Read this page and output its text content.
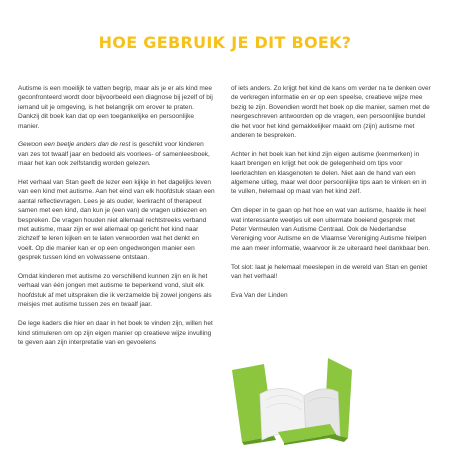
HOE GEBRUIK JE DIT BOEK?

Autisme is een moeilijk te vatten begrip, maar als je er als kind mee geconfronteerd wordt door bijvoorbeeld een diagnose bij jezelf of bij iemand uit je omgeving, is het belangrijk om erover te praten. Dankzij dit boek kan dat op een toegankelijke en persoonlijke manier.

Gewoon een beetje anders dan de rest is geschikt voor kinderen van zes tot twaalf jaar en bedoeld als voorlees- of samenleesboek, maar het kan ook zelfstandig worden gelezen.

Het verhaal van Stan geeft de lezer een kijkje in het dagelijks leven van een kind met autisme. Aan het eind van elk hoofdstuk staan een aantal reflectievragen. Lees je als ouder, leerkracht of therapeut samen met een kind, dan kun je (een van) de vragen uitkiezen en bespreken. De vragen houden niet allemaal rechtstreeks verband met autisme, maar zijn er wel allemaal op gericht het kind naar zichzelf te leren kijken en te laten verwoorden wat het denkt en voelt. Op die manier kan er op een ongedwongen manier een gesprek tussen kind en volwassene ontstaan.

Omdat kinderen met autisme zo verschillend kunnen zijn en ik het verhaal van één jongen met autisme te beperkend vond, sluit elk hoofdstuk af met uitspraken die ik verzamelde bij zowel jongens als meisjes met autisme tussen zes en twaalf jaar.

De lege kaders die hier en daar in het boek te vinden zijn, willen het kind stimuleren om op zijn eigen manier op creatieve wijze invulling te geven aan zijn interpretatie van en gevoelens

of iets anders. Zo krijgt het kind de kans om verder na te denken over de verkregen informatie en er op een speelse, creatieve wijze mee bezig te zijn. Bovendien wordt het boek op die manier, samen met de neergeschreven antwoorden op de vragen, een persoonlijke bundel die het voor het kind gemakkelijker maakt om (zijn) autisme met anderen te bespreken.

Achter in het boek kan het kind zijn eigen autisme (kenmerken) in kaart brengen en krijgt het ook de gelegenheid om tips voor leerkrachten en klasgenoten te delen. Niet aan de hand van een algemene uitleg, maar wel door persoonlijke tips aan te vinken en in te vullen, helemaal op maat van het kind zelf.

Om dieper in te gaan op het hoe en wat van autisme, haalde ik heel wat interessante weetjes uit een uitermate boeiend gesprek met Peter Vermeulen van Autisme Centraal. Ook de Nederlandse Vereniging voor Autisme en de Vlaamse Vereniging Autisme hielpen me aan meer informatie, waarvoor ik ze uiteraard heel dankbaar ben.

Tot slot: laat je helemaal meeslepen in de wereld van Stan en geniet van het verhaal!

Eva Van der Linden
